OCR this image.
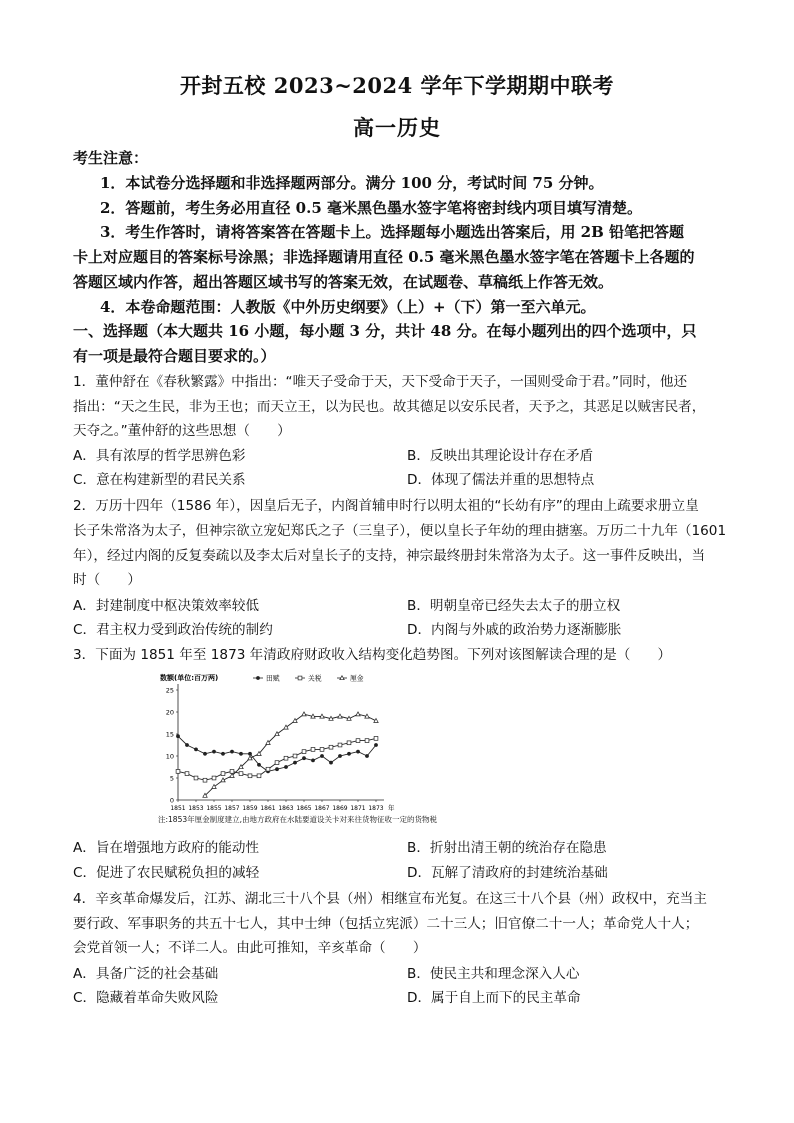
开封五校 2023~2024 学年下学期期中联考
高一历史
考生注意：
1．本试卷分选择题和非选择题两部分。满分 100 分，考试时间 75 分钟。
2．答题前，考生务必用直径 0.5 毫米黑色墨水签字笔将密封线内项目填写清楚。
3．考生作答时，请将答案答在答题卡上。选择题每小题选出答案后，用 2B 铅笔把答题
卡上对应题目的答案标号涂黑；非选择题请用直径 0.5 毫米黑色墨水签字笔在答题卡上各题的
答题区域内作答，超出答题区域书写的答案无效，在试题卷、草稿纸上作答无效。
4．本卷命题范围：人教版《中外历史纲要》（上）+（下）第一至六单元。
一、选择题（本大题共 16 小题，每小题 3 分，共计 48 分。在每小题列出的四个选项中，只
有一项是最符合题目要求的。）
1．董仲舒在《春秋繁露》中指出：“唯天子受命于天，天下受命于天子，一国则受命于君。”同时，他还
指出：“天之生民，非为王也；而天立王，以为民也。故其德足以安乐民者，天予之，其恶足以贼害民者，
天夺之。”董仲舒的这些思想（　　）
A．具有浓厚的哲学思辨色彩	B．反映出其理论设计存在矛盾
C．意在构建新型的君民关系	D．体现了儒法并重的思想特点
2．万历十四年（1586 年），因皇后无子，内阁首辅申时行以明太祖的“长幼有序”的理由上疏要求册立皇
长子朱常洛为太子，但神宗欲立宠妃郑氏之子（三皇子），便以皇长子年幼的理由搪塞。万历二十九年（1601
年），经过内阁的反复奏疏以及李太后对皇长子的支持，神宗最终册封朱常洛为太子。这一事件反映出，当
时（　　）
A．封建制度中枢决策效率较低	B．明朝皇帝已经失去太子的册立权
C．君主权力受到政治传统的制约	D．内阁与外戚的政治势力逐渐膨胀
3．下面为 1851 年至 1873 年清政府财政收入结构变化趋势图。下列对该图解读合理的是（　　）
数额(单位:百万两)	田赋	关税	厘金
0
5
10
15
20
25
1851 1853 1855 1857 1859 1861 1863 1865 1867 1869 1871 1873 年
注:1853年厘金制度建立,由地方政府在水陆要道设关卡对来往货物征收一定的货物税
A．旨在增强地方政府的能动性	B．折射出清王朝的统治存在隐患
C．促进了农民赋税负担的减轻	D．瓦解了清政府的封建统治基础
4．辛亥革命爆发后，江苏、湖北三十八个县（州）相继宣布光复。在这三十八个县（州）政权中，充当主
要行政、军事职务的共五十七人，其中士绅（包括立宪派）二十三人；旧官僚二十一人；革命党人十人；
会党首领一人；不详二人。由此可推知，辛亥革命（　　）
A．具备广泛的社会基础	B．使民主共和理念深入人心
C．隐藏着革命失败风险	D．属于自上而下的民主革命
